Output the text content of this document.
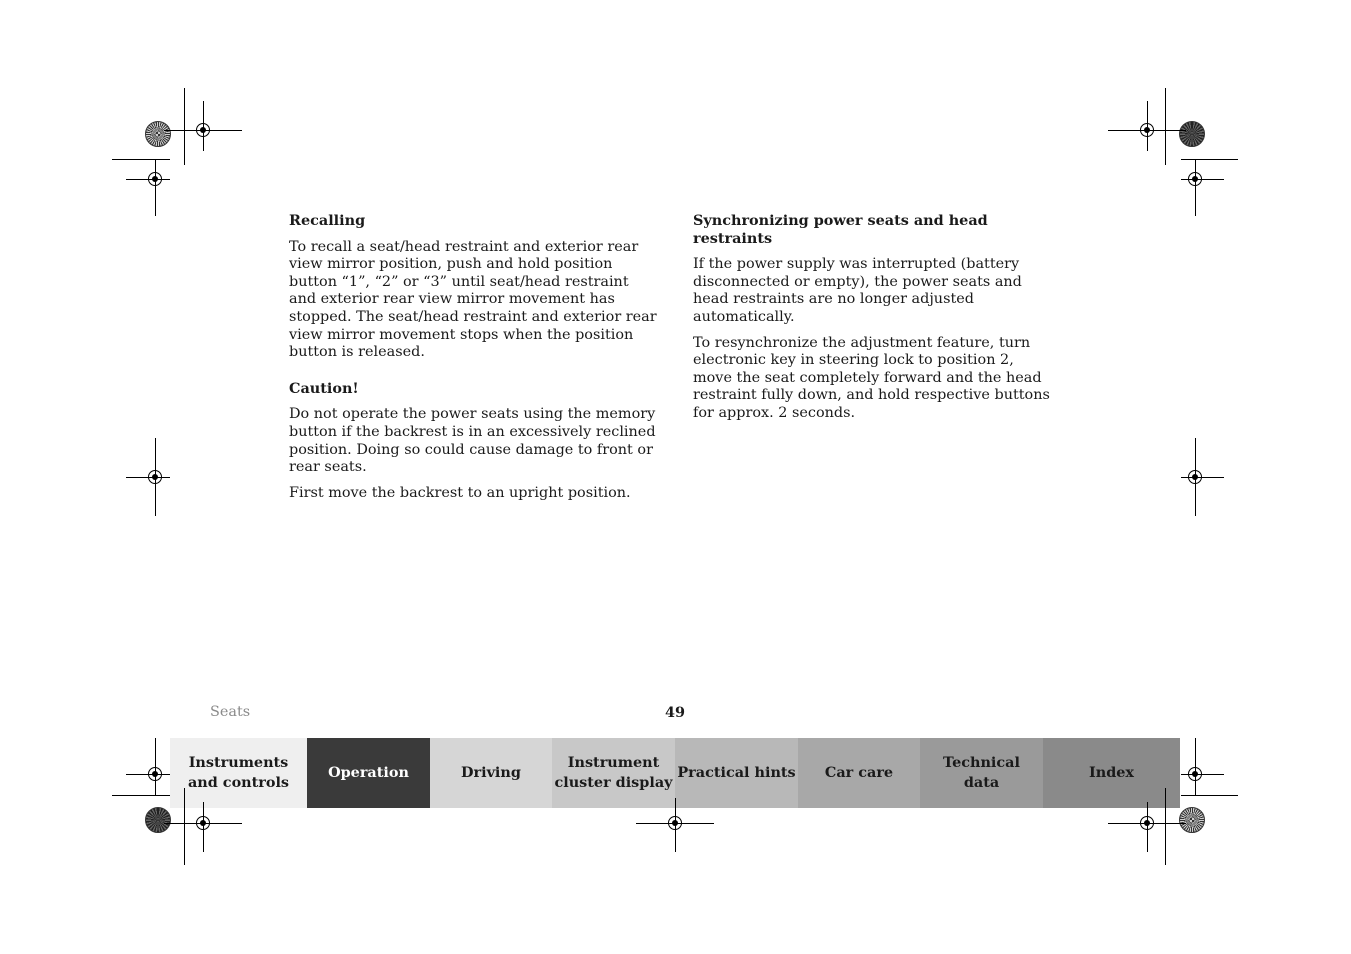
Recalling

To recall a seat/head restraint and exterior rear view mirror position, push and hold position button “1”, “2” or “3” until seat/head restraint and exterior rear view mirror movement has stopped. The seat/head restraint and exterior rear view mirror movement stops when the position button is released.

Caution!

Do not operate the power seats using the memory button if the backrest is in an excessively reclined position. Doing so could cause damage to front or rear seats.

First move the backrest to an upright position.

Synchronizing power seats and head restraints

If the power supply was interrupted (battery disconnected or empty), the power seats and head restraints are no longer adjusted automatically.

To resynchronize the adjustment feature, turn electronic key in steering lock to position 2, move the seat completely forward and the head restraint fully down, and hold respective buttons for approx. 2 seconds.

Seats	49
Instruments
and controls
Operation	Driving
Instrument
cluster display
Practical hints	Car care
Technical
data
Index
